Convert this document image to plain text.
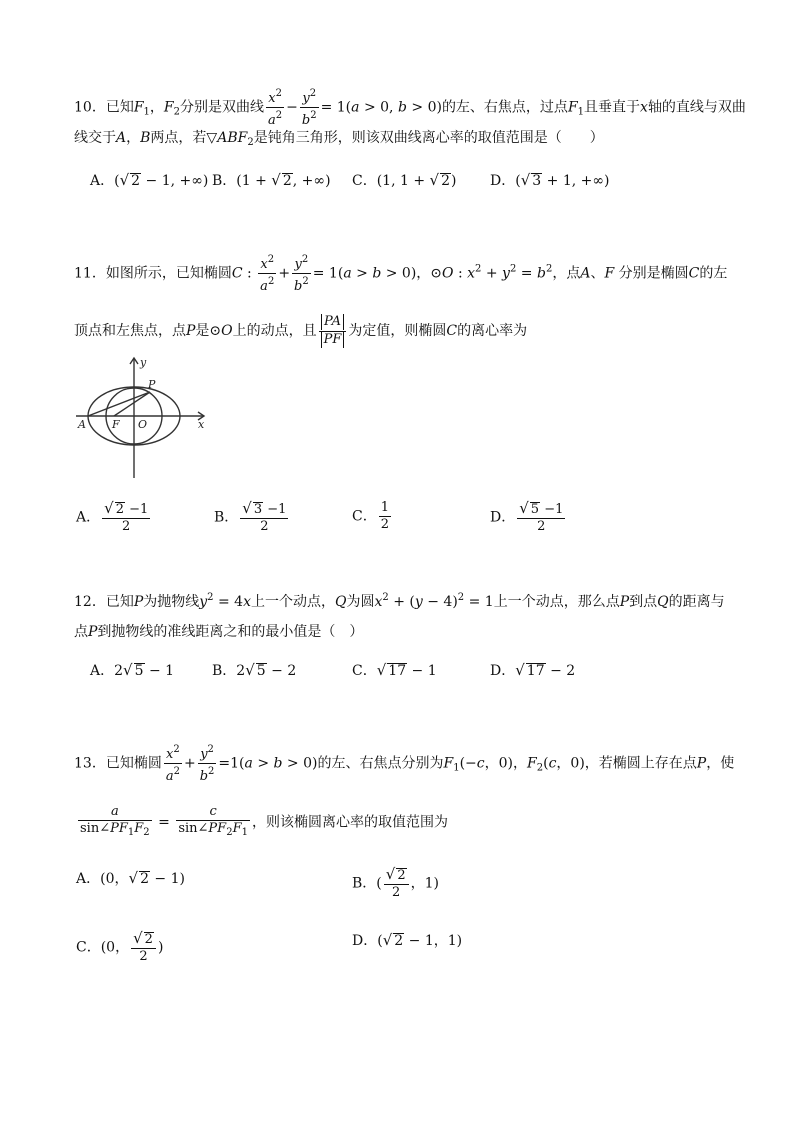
10．已知$F_1$，$F_2$分别是双曲线 $\frac{x^2}{a^2} - \frac{y^2}{b^2} = 1(a > 0$, b > 0)的左、右焦点，过点$F_1$且垂直于x轴的直线与双曲
线交于A，B两点，若$▽ABF_2$是钝角三角形，则该双曲线离心率的取值范围是（　　）
A．(√ 2 − 1, +∞) B．(1 + √ 2, +∞) C．(1, 1 + √ 2) D．(√ 3 + 1, +∞)
11．如图所示，已知椭圆C : $\frac{x^2}{a^2} + \frac{y^2}{b^2} = 1(a > b > 0)$，⊙O : $x^2 + y^2 = b^2$，点A、F 分别是椭圆C的左
顶点和左焦点，点P是⊙O上的动点，且 $\frac{PA}{PF}$ 为定值，则椭圆C的离心率为
y
P
A F O	x
A． $\frac{√ 2 -1}{2}$	B． $\frac{√ 3 -1}{2}$	C． $\frac{1}{2}$	D． $\frac{√ 5 -1}{2}$
12．已知P为抛物线$y^2 = 4x$上一个动点，Q为圆$x^2 + (y - 4)^2 = 1$上一个动点，那么点P到点Q的距离与
点P到抛物线的准线距离之和的最小值是（　）
A．2√ 5 − 1	B．2√ 5 − 2	C．√ 17 − 1	D．√ 17 − 2
13．已知椭圆 $\frac{x^2}{a^2} + \frac{y^2}{b^2} =1(a > b > 0)$的左、右焦点分别为$F_1(-c$，0)，$F_2(c$，0)，若椭圆上存在点P，使
$\frac{a}{\sin\angle PF_1F_2} = \frac{c}{\sin\angle PF_2F_1}$ ，则该椭圆离心率的取值范围为
A．(0，√ 2 − 1)	B．( $\frac{√ 2}{2}$ ，1)
C．(0， $\frac{√ 2}{2}$ )	D．(√ 2 − 1，1)
